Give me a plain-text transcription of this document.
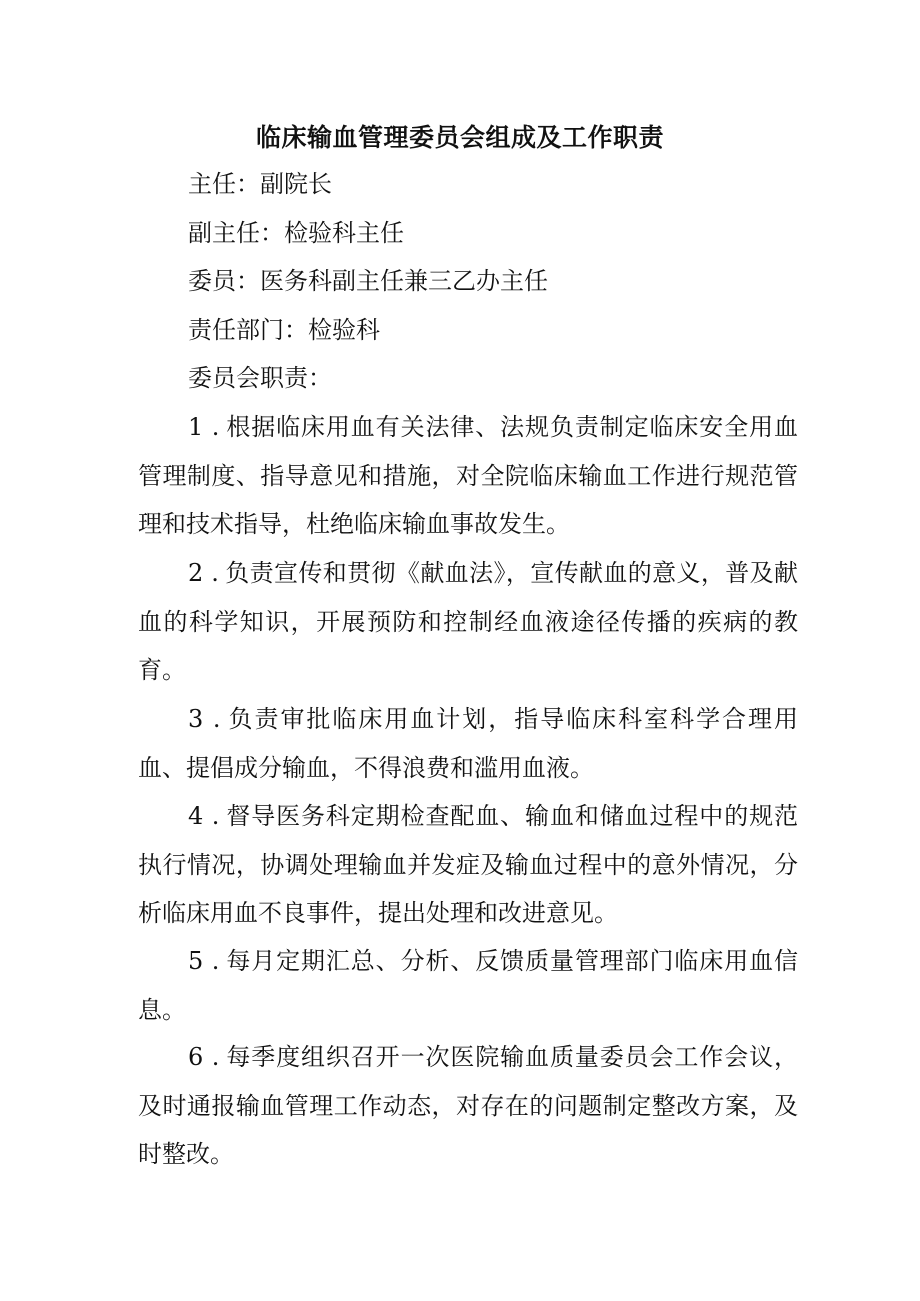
临床输血管理委员会组成及工作职责
主任：副院长
副主任：检验科主任
委员：医务科副主任兼三乙办主任
责任部门：检验科
委员会职责：
1 . 根据临床用血有关法律、法规负责制定临床安全用血管理制度、指导意见和措施，对全院临床输血工作进行规范管理和技术指导，杜绝临床输血事故发生。
2 . 负责宣传和贯彻《献血法》，宣传献血的意义，普及献血的科学知识，开展预防和控制经血液途径传播的疾病的教育。
3 . 负责审批临床用血计划，指导临床科室科学合理用血、提倡成分输血，不得浪费和滥用血液。
4 . 督导医务科定期检查配血、输血和储血过程中的规范执行情况，协调处理输血并发症及输血过程中的意外情况，分析临床用血不良事件，提出处理和改进意见。
5 . 每月定期汇总、分析、反馈质量管理部门临床用血信息。
6 . 每季度组织召开一次医院输血质量委员会工作会议，及时通报输血管理工作动态，对存在的问题制定整改方案，及时整改。
